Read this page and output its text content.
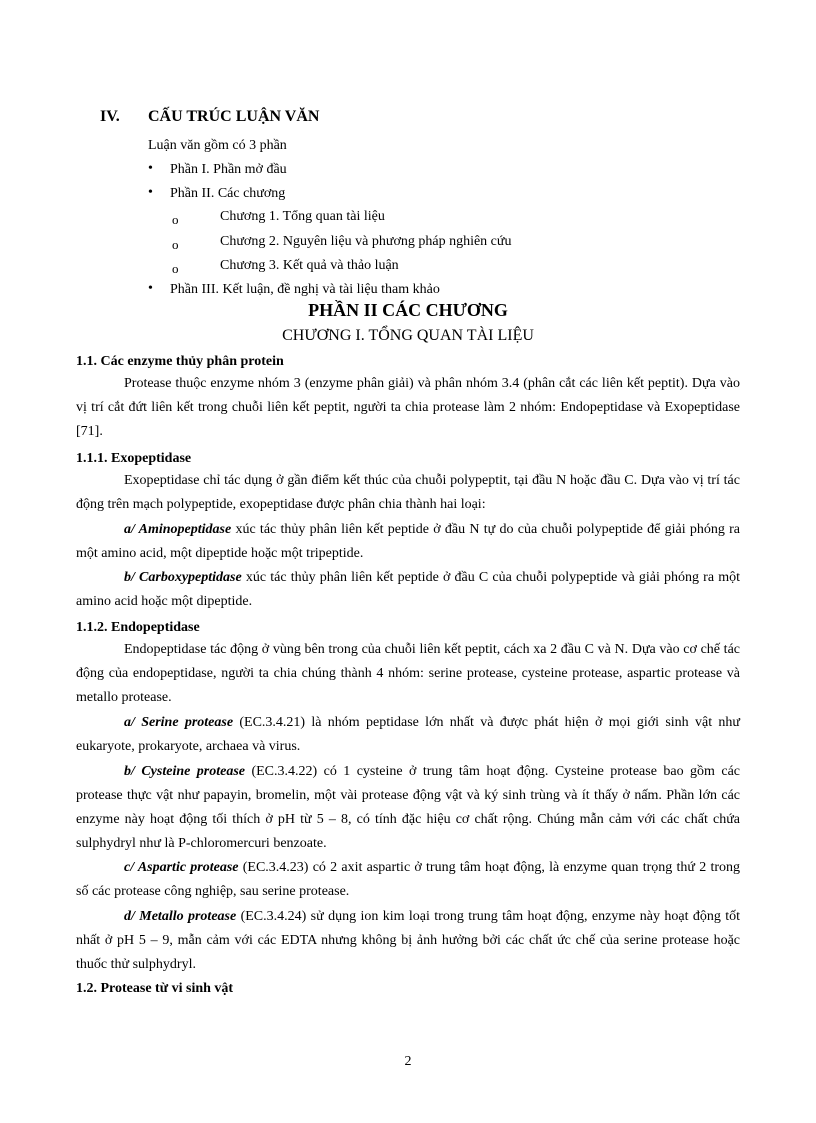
IV. CẤU TRÚC LUẬN VĂN
Luận văn gồm có 3 phần
• Phần I. Phần mở đầu
• Phần II. Các chương
o	Chương 1. Tổng quan tài liệu
o	Chương 2. Nguyên liệu và phương pháp nghiên cứu
o	Chương 3. Kết quả và thảo luận
• Phần III. Kết luận, đề nghị và tài liệu tham khảo
PHẦN II CÁC CHƯƠNG
CHƯƠNG I. TỔNG QUAN TÀI LIỆU
1.1. Các enzyme thủy phân protein

Protease thuộc enzyme nhóm 3 (enzyme phân giải) và phân nhóm 3.4 (phân cắt các liên kết peptit). Dựa vào vị trí cắt đứt liên kết trong chuỗi liên kết peptit, người ta chia protease làm 2 nhóm: Endopeptidase và Exopeptidase [71].

1.1.1. Exopeptidase

Exopeptidase chỉ tác dụng ở gần điểm kết thúc của chuỗi polypeptit, tại đầu N hoặc đầu C. Dựa vào vị trí tác động trên mạch polypeptide, exopeptidase được phân chia thành hai loại:

a/ Aminopeptidase xúc tác thủy phân liên kết peptide ở đầu N tự do của chuỗi polypeptide để giải phóng ra một amino acid, một dipeptide hoặc một tripeptide.

b/ Carboxypeptidase xúc tác thủy phân liên kết peptide ở đầu C của chuỗi polypeptide và giải phóng ra một amino acid hoặc một dipeptide.

1.1.2. Endopeptidase

Endopeptidase tác động ở vùng bên trong của chuỗi liên kết peptit, cách xa 2 đầu C và N. Dựa vào cơ chế tác động của endopeptidase, người ta chia chúng thành 4 nhóm: serine protease, cysteine protease, aspartic protease và metallo protease.

a/ Serine protease (EC.3.4.21) là nhóm peptidase lớn nhất và được phát hiện ở mọi giới sinh vật như eukaryote, prokaryote, archaea và virus.

b/ Cysteine protease (EC.3.4.22) có 1 cysteine ở trung tâm hoạt động. Cysteine protease bao gồm các protease thực vật như papayin, bromelin, một vài protease động vật và ký sinh trùng và ít thấy ở nấm. Phần lớn các enzyme này hoạt động tối thích ở pH từ 5 – 8, có tính đặc hiệu cơ chất rộng. Chúng mẫn cảm với các chất chứa sulphydryl như là P-chloromercuri benzoate.

c/ Aspartic protease (EC.3.4.23) có 2 axit aspartic ở trung tâm hoạt động, là enzyme quan trọng thứ 2 trong số các protease công nghiệp, sau serine protease.

d/ Metallo protease (EC.3.4.24) sử dụng ion kim loại trong trung tâm hoạt động, enzyme này hoạt động tốt nhất ở pH 5 – 9, mẫn cảm với các EDTA nhưng không bị ảnh hưởng bởi các chất ức chế của serine protease hoặc thuốc thử sulphydryl.

1.2. Protease từ vi sinh vật
2
